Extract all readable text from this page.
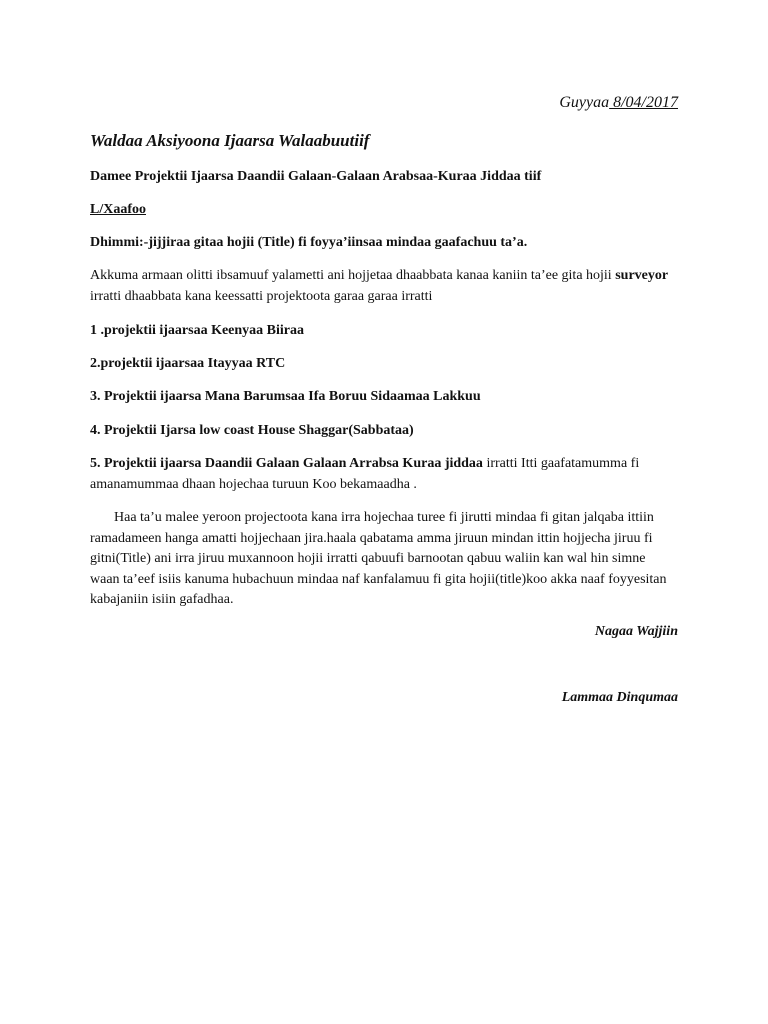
Guyyaa 8/04/2017
Waldaa Aksiyoona Ijaarsa Walaabuutiif
Damee Projektii Ijaarsa Daandii Galaan-Galaan Arabsaa-Kuraa Jiddaa tiif
L/Xaafoo
Dhimmi:-jijjiraa gitaa hojii (Title) fi foyya’iinsaa mindaa gaafachuu ta’a.
Akkuma armaan olitti ibsamuuf yalametti ani hojjetaa dhaabbata kanaa kaniin ta’ee gita hojii surveyor irratti dhaabbata kana keessatti projektoota garaa garaa irratti
1 .projektii ijaarsaa Keenyaa Biiraa
2.projektii ijaarsaa Itayyaa RTC
3. Projektii ijaarsa Mana Barumsaa Ifa Boruu Sidaamaa Lakkuu
4. Projektii Ijarsa low coast House Shaggar(Sabbataa)
5. Projektii ijaarsa Daandii Galaan Galaan Arrabsa Kuraa jiddaa irratti Itti gaafatamumma fi amanamummaa dhaan hojechaa turuun Koo bekamaadha .
Haa ta’u malee yeroon projectoota kana irra hojechaa turee fi jirutti mindaa fi gitan jalqaba ittiin ramadameen hanga amatti hojjechaan jira.haala qabatama amma jiruun mindan ittin hojjecha jiruu fi gitni(Title) ani irra jiruu muxannoon hojii irratti qabuufi barnootan qabuu waliin kan wal hin simne waan ta’eef isiis kanuma hubachuun mindaa naf kanfalamuu fi gita hojii(title)koo akka naaf foyyesitan kabajaniin isiin gafadhaa.
Nagaa Wajjiin
Lammaa Dinqumaa
